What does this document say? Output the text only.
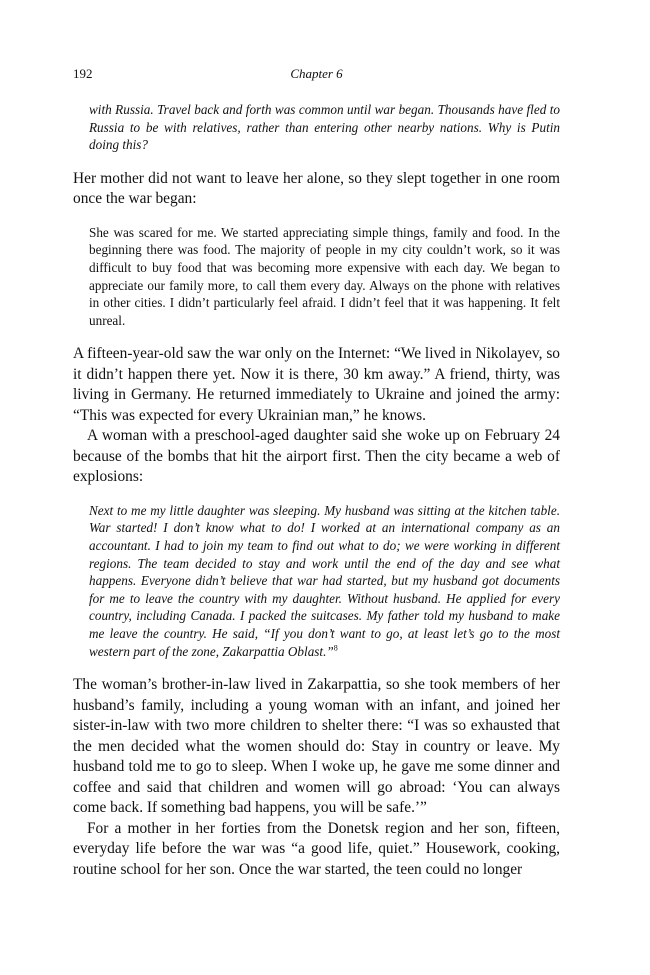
192	Chapter 6

with Russia. Travel back and forth was common until war began. Thousands have fled to Russia to be with relatives, rather than entering other nearby nations. Why is Putin doing this?

Her mother did not want to leave her alone, so they slept together in one room once the war began:

She was scared for me. We started appreciating simple things, family and food. In the beginning there was food. The majority of people in my city couldn’t work, so it was difficult to buy food that was becoming more expensive with each day. We began to appreciate our family more, to call them every day. Always on the phone with relatives in other cities. I didn’t particularly feel afraid. I didn’t feel that it was happening. It felt unreal.

A fifteen-year-old saw the war only on the Internet: “We lived in Nikolayev, so it didn’t happen there yet. Now it is there, 30 km away.” A friend, thirty, was living in Germany. He returned immediately to Ukraine and joined the army: “This was expected for every Ukrainian man,” he knows.

A woman with a preschool-aged daughter said she woke up on February 24 because of the bombs that hit the airport first. Then the city became a web of explosions:

Next to me my little daughter was sleeping. My husband was sitting at the kitchen table. War started! I don’t know what to do! I worked at an international company as an accountant. I had to join my team to find out what to do; we were working in different regions. The team decided to stay and work until the end of the day and see what happens. Everyone didn’t believe that war had started, but my husband got documents for me to leave the country with my daughter. Without husband. He applied for every country, including Canada. I packed the suitcases. My father told my husband to make me leave the country. He said, “If you don’t want to go, at least let’s go to the most western part of the zone, Zakarpattia Oblast.”$^8$

The woman’s brother-in-law lived in Zakarpattia, so she took members of her husband’s family, including a young woman with an infant, and joined her sister-in-law with two more children to shelter there: “I was so exhausted that the men decided what the women should do: Stay in country or leave. My husband told me to go to sleep. When I woke up, he gave me some dinner and coffee and said that children and women will go abroad: ‘You can always come back. If something bad happens, you will be safe.’”

For a mother in her forties from the Donetsk region and her son, fifteen, everyday life before the war was “a good life, quiet.” Housework, cooking, routine school for her son. Once the war started, the teen could no longer
